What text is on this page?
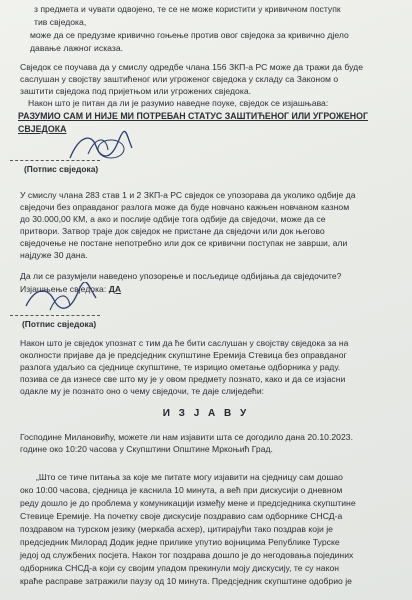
з предмета и чувати одвојено, те се не може користити у кривичном поступк
тив свједока,
може да се предузме кривично гоњење против овог свједока за кривично дјело
давање лажног исказа.
Свједок се поучава да у смислу одредбе члана 156 ЗКП-а РС може да тражи да буде
саслушан у својству заштићеног или угроженог свједока у складу са Законом о
заштити свједока под пријетњом или угрожених свједока.
Након што је питан да ли је разумио наведне поуке, свједок се изјашњава:
РАЗУМИО САМ И НИЈЕ МИ ПОТРЕБАН СТАТУС ЗАШТИЋЕНОГ ИЛИ УГРОЖЕНОГ
СВЈЕДОКА
(Потпис свједока)
У смислу члана 283 став 1 и 2 ЗКП-а РС свједок се упозорава да уколико одбије да
свједочи без оправданог разлога може да буде новчано кажњен новчаном казном
до 30.000,00 КМ, а ако и послије одбије тога одбије да свједочи, може да се
притвори. Затвор траје док свједок не пристане да свједочи или док његово
свједочење не постане непотребно или док се кривични поступак не заврши, али
најдуже 30 дана.
Да ли се разумјели наведено упозорење и посљедице одбијања да свједочите?
Изјашњење свједока: ДА
(Потпис свједока)
Након што је свједок упознат с тим да ће бити саслушан у својству свједока за на
околности пријаве да је предсједник скупштине Еремија Стевица без оправданог
разлога удаљио са сједнице скупштине, те изрицио ометање одборника у раду.
позива се да изнесе све што му је у овом предмету познато, како и да се изјасни
одакле му је познато оно о чему свједочи, те даје слиједећи:
И З Ј А В У
Господине Милановићу, можете ли нам изјавити шта се догодило дана 20.10.2023.
године око 10:20 часова у Скупштини Општине Мркоњић Град.
„Што се тиче питања за које ме питате могу изјавити на сједницу сам дошао
око 10:00 часова, сједница је каснила 10 минута, а већ при дискусији о дневном
реду дошло је до проблема у комуникацији између мене и предсједника скупштине
Стевице Еремије. На почетку своје дискусије поздравио сам одборнике СНСД-а
поздравом на турском језику (меркаба асхер), цитирајући тако поздрав који је
предсједник Милорад Додик једне прилике упутио војницима Републике Турске
једој од службених посјета. Након тог поздрава дошло је до негодовања појединих
одборника СНСД-а који су својим упадом прекинули моју дискусију, те су након
краће расправе затражили паузу од 10 минута. Предсједник скупштине одобрио је
